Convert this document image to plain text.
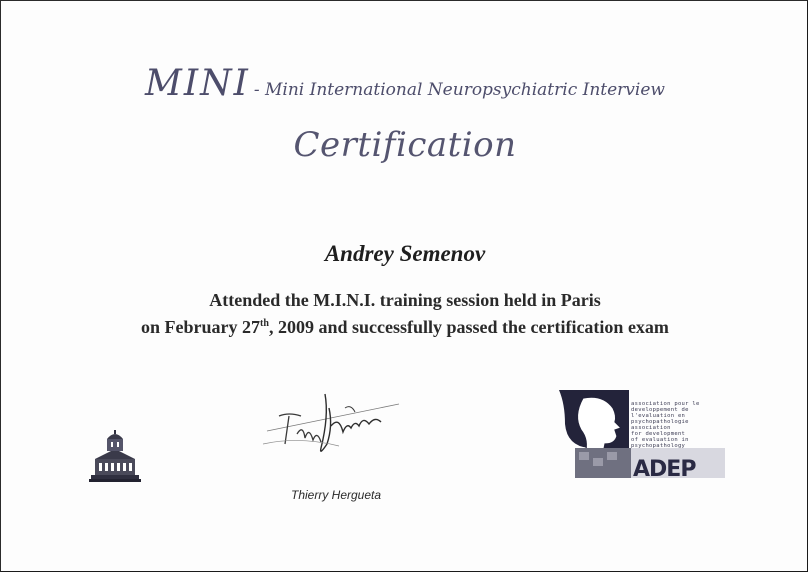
MINI - Mini International Neuropsychiatric Interview
Certification
Andrey Semenov
Attended the M.I.N.I. training session held in Paris
on February 27th, 2009 and successfully passed the certification exam
Thierry Hergueta
association pour le
developpement de
l'evaluation en
psychopathologie
association
for development
of evaluation in
psychopathology
ADEP
